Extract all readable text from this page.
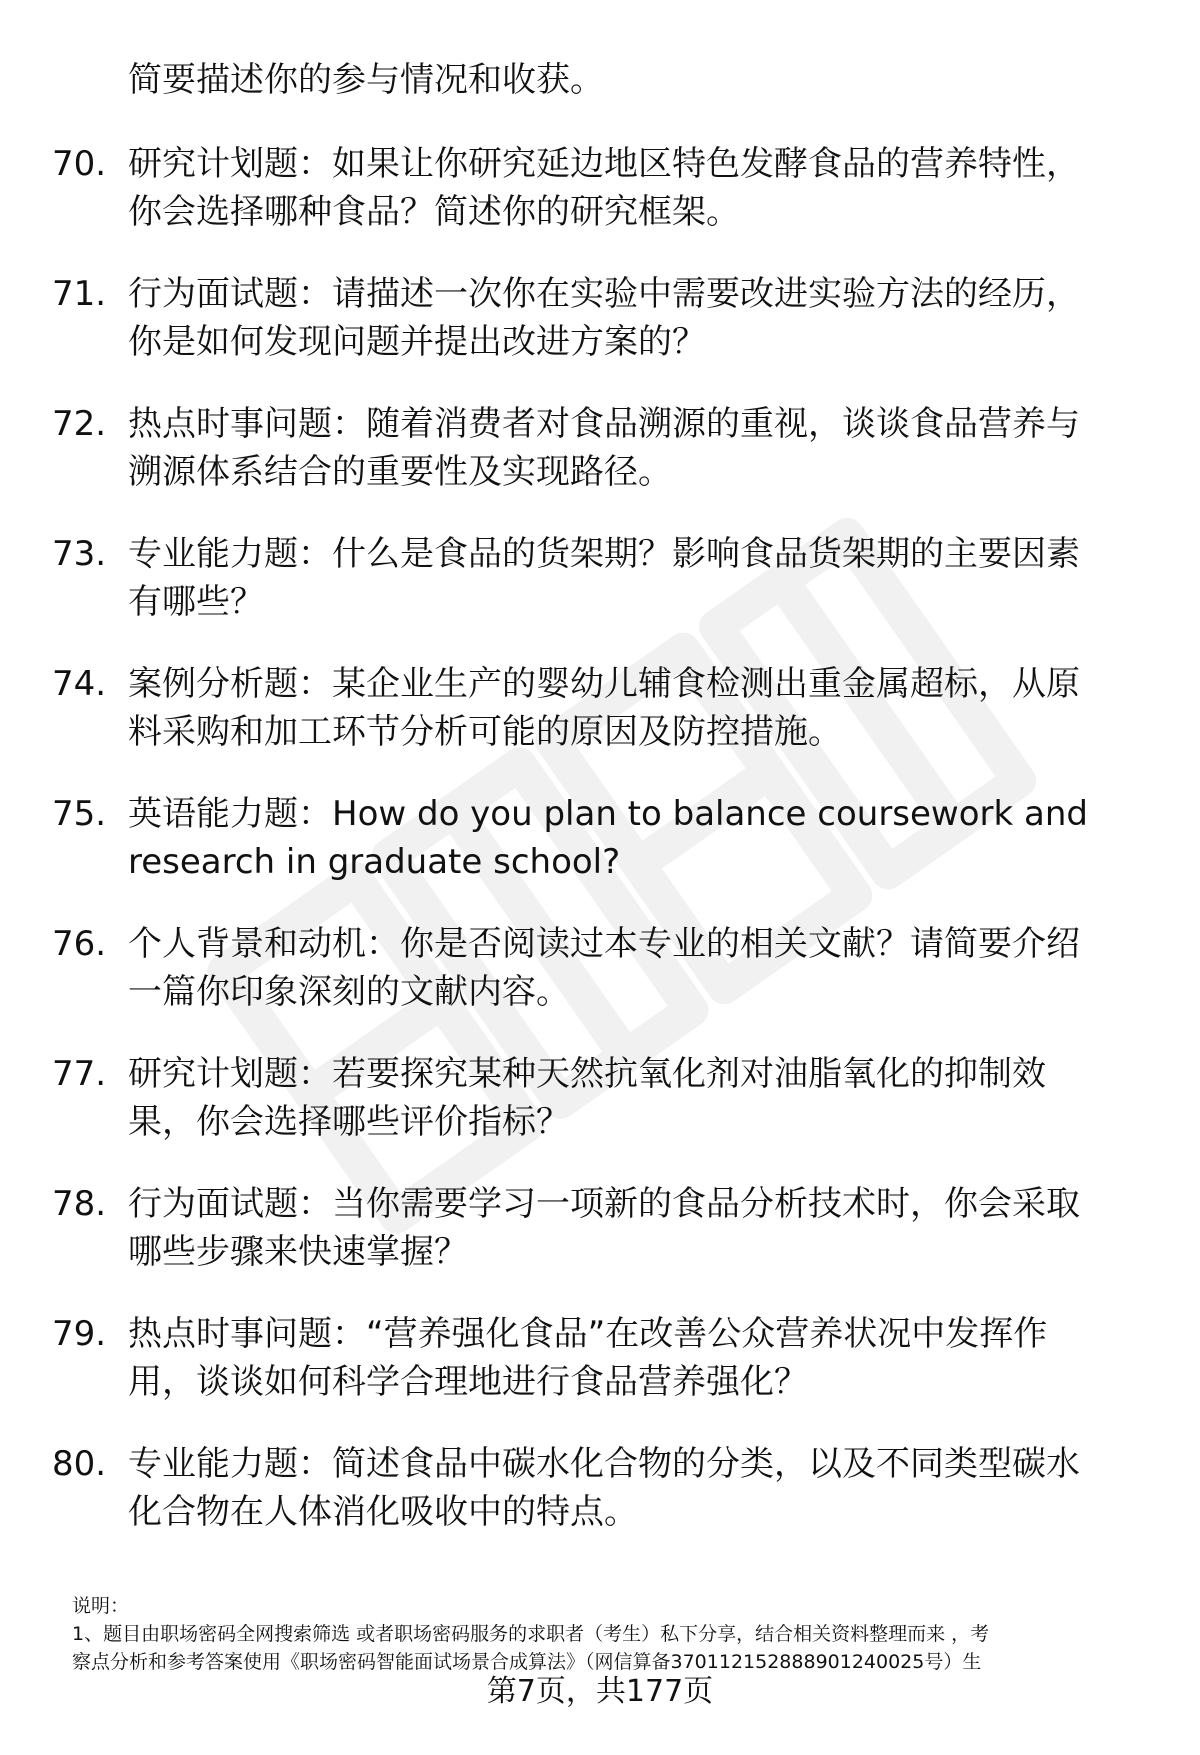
简要描述你的参与情况和收获。
70. 研究计划题：如果让你研究延边地区特色发酵食品的营养特性，
你会选择哪种食品？简述你的研究框架。
71. 行为面试题：请描述一次你在实验中需要改进实验方法的经历，
你是如何发现问题并提出改进方案的？
72. 热点时事问题：随着消费者对食品溯源的重视，谈谈食品营养与
溯源体系结合的重要性及实现路径。
73. 专业能力题：什么是食品的货架期？影响食品货架期的主要因素
有哪些？
74. 案例分析题：某企业生产的婴幼儿辅食检测出重金属超标，从原
料采购和加工环节分析可能的原因及防控措施。
75. 英语能力题：How do you plan to balance coursework and
research in graduate school?
76. 个人背景和动机：你是否阅读过本专业的相关文献？请简要介绍
一篇你印象深刻的文献内容。
77. 研究计划题：若要探究某种天然抗氧化剂对油脂氧化的抑制效
果，你会选择哪些评价指标？
78. 行为面试题：当你需要学习一项新的食品分析技术时，你会采取
哪些步骤来快速掌握？
79. 热点时事问题：“营养强化食品”在改善公众营养状况中发挥作
用，谈谈如何科学合理地进行食品营养强化？
80. 专业能力题：简述食品中碳水化合物的分类，以及不同类型碳水
化合物在人体消化吸收中的特点。
说明：
1、题目由职场密码全网搜索筛选 或者职场密码服务的求职者（考生）私下分享，结合相关资料整理而来 ，考
察点分析和参考答案使用《职场密码智能面试场景合成算法》（网信算备370112152888901240025号）生
第7页，共177页
